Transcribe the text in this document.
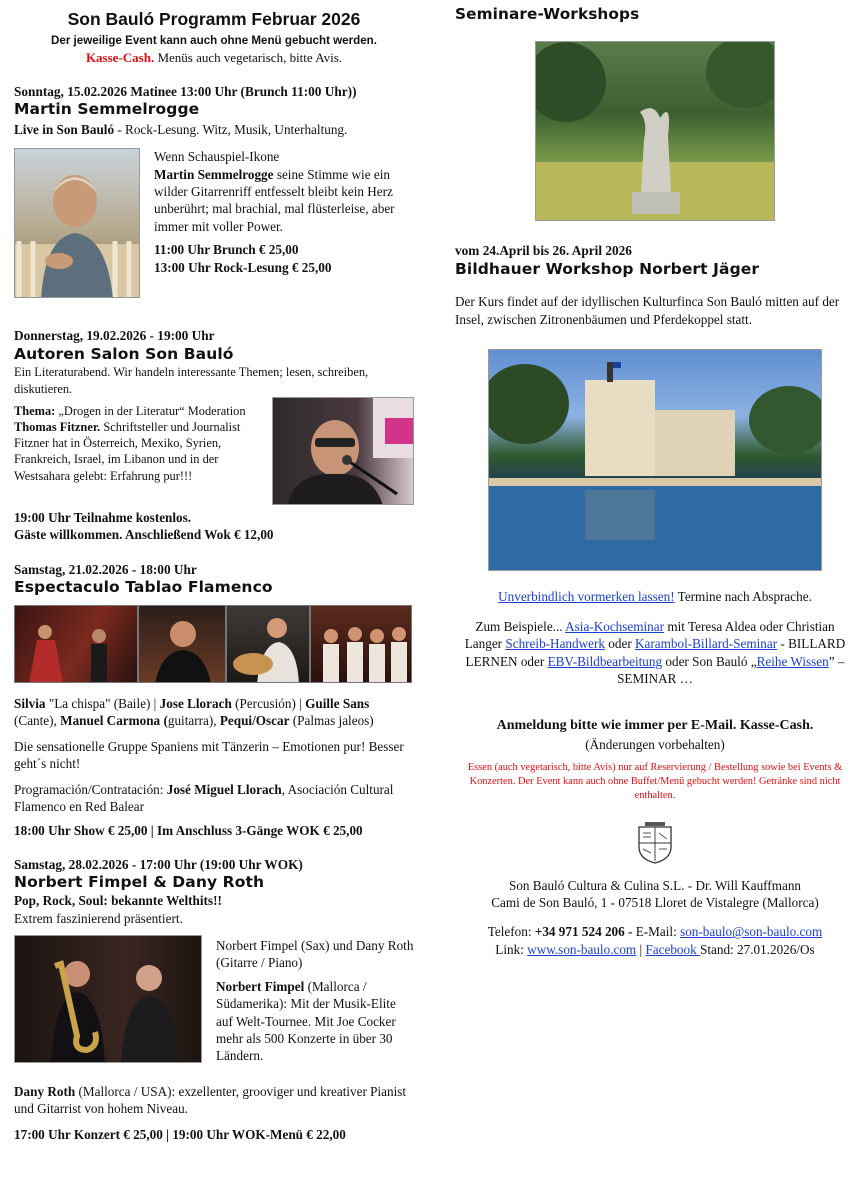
Son Bauló Programm Februar 2026
Der jeweilige Event kann auch ohne Menü gebucht werden.
Kasse-Cash. Menüs auch vegetarisch, bitte Avis.
Sonntag, 15.02.2026 Matinee 13:00 Uhr (Brunch 11:00 Uhr))
Martin Semmelrogge
Live in Son Bauló - Rock-Lesung. Witz, Musik, Unterhaltung.

Wenn Schauspiel-Ikone
Martin Semmelrogge seine Stimme wie ein wilder Gitarrenriff entfesselt bleibt kein Herz unberührt; mal brachial, mal flüsterleise, aber immer mit voller Power.

11:00 Uhr Brunch € 25,00
13:00 Uhr Rock-Lesung € 25,00
Donnerstag, 19.02.2026 - 19:00 Uhr
Autoren Salon Son Bauló
Ein Literaturabend. Wir handeln interessante Themen; lesen, schreiben, diskutieren.
Thema: „Drogen in der Literatur“ Moderation
Thomas Fitzner. Schriftsteller und Journalist Fitzner hat in Österreich, Mexiko, Syrien, Frankreich, Israel, im Libanon und in der Westsahara gelebt: Erfahrung pur!!!
19:00 Uhr Teilnahme kostenlos.
Gäste willkommen. Anschließend Wok € 12,00
Samstag, 21.02.2026 - 18:00 Uhr
Espectaculo Tablao Flamenco

Silvia "La chispa" (Baile) | Jose Llorach (Percusión) | Guille Sans (Cante), Manuel Carmona (guitarra), Pequi/Oscar (Palmas jaleos)

Die sensationelle Gruppe Spaniens mit Tänzerin – Emotionen pur! Besser geht´s nicht!

Programación/Contratación: José Miguel Llorach, Asociación Cultural Flamenco en Red Balear

18:00 Uhr Show € 25,00 | Im Anschluss 3-Gänge WOK € 25,00
Samstag, 28.02.2026 - 17:00 Uhr (19:00 Uhr WOK)
Norbert Fimpel & Dany Roth
Pop, Rock, Soul: bekannte Welthits!!
Extrem faszinierend präsentiert.

Norbert Fimpel (Sax) und Dany Roth (Gitarre / Piano)

Norbert Fimpel (Mallorca / Südamerika): Mit der Musik-Elite auf Welt-Tournee. Mit Joe Cocker mehr als 500 Konzerte in über 30 Ländern.

Dany Roth (Mallorca / USA): exzellenter, grooviger und kreativer Pianist und Gitarrist von hohem Niveau.

17:00 Uhr Konzert € 25,00 | 19:00 Uhr WOK-Menü € 22,00
Seminare-Workshops
vom 24.April bis 26. April 2026
Bildhauer Workshop Norbert Jäger

Der Kurs findet auf der idyllischen Kulturfinca Son Bauló mitten auf der Insel, zwischen Zitronenbäumen und Pferdekoppel statt.

Unverbindlich vormerken lassen! Termine nach Absprache.

Zum Beispiele... Asia-Kochseminar mit Teresa Aldea oder Christian Langer Schreib-Handwerk oder Karambol-Billard-Seminar - BILLARD LERNEN oder EBV-Bildbearbeitung oder Son Bauló „Reihe Wissen” – SEMINAR …

Anmeldung bitte wie immer per E-Mail. Kasse-Cash.
(Änderungen vorbehalten)
Essen (auch vegetarisch, bitte Avis) nur auf Reservierung / Bestellung sowie bei Events & Konzerten. Der Event kann auch ohne Buffet/Menü gebucht werden! Getränke sind nicht enthalten.
Son Bauló Cultura & Culina S.L. - Dr. Will Kauffmann
Cami de Son Bauló, 1 - 07518 Lloret de Vistalegre (Mallorca)
Telefon: +34 971 524 206 - E-Mail: son-baulo@son-baulo.com
Link: www.son-baulo.com | Facebook Stand: 27.01.2026/Os
